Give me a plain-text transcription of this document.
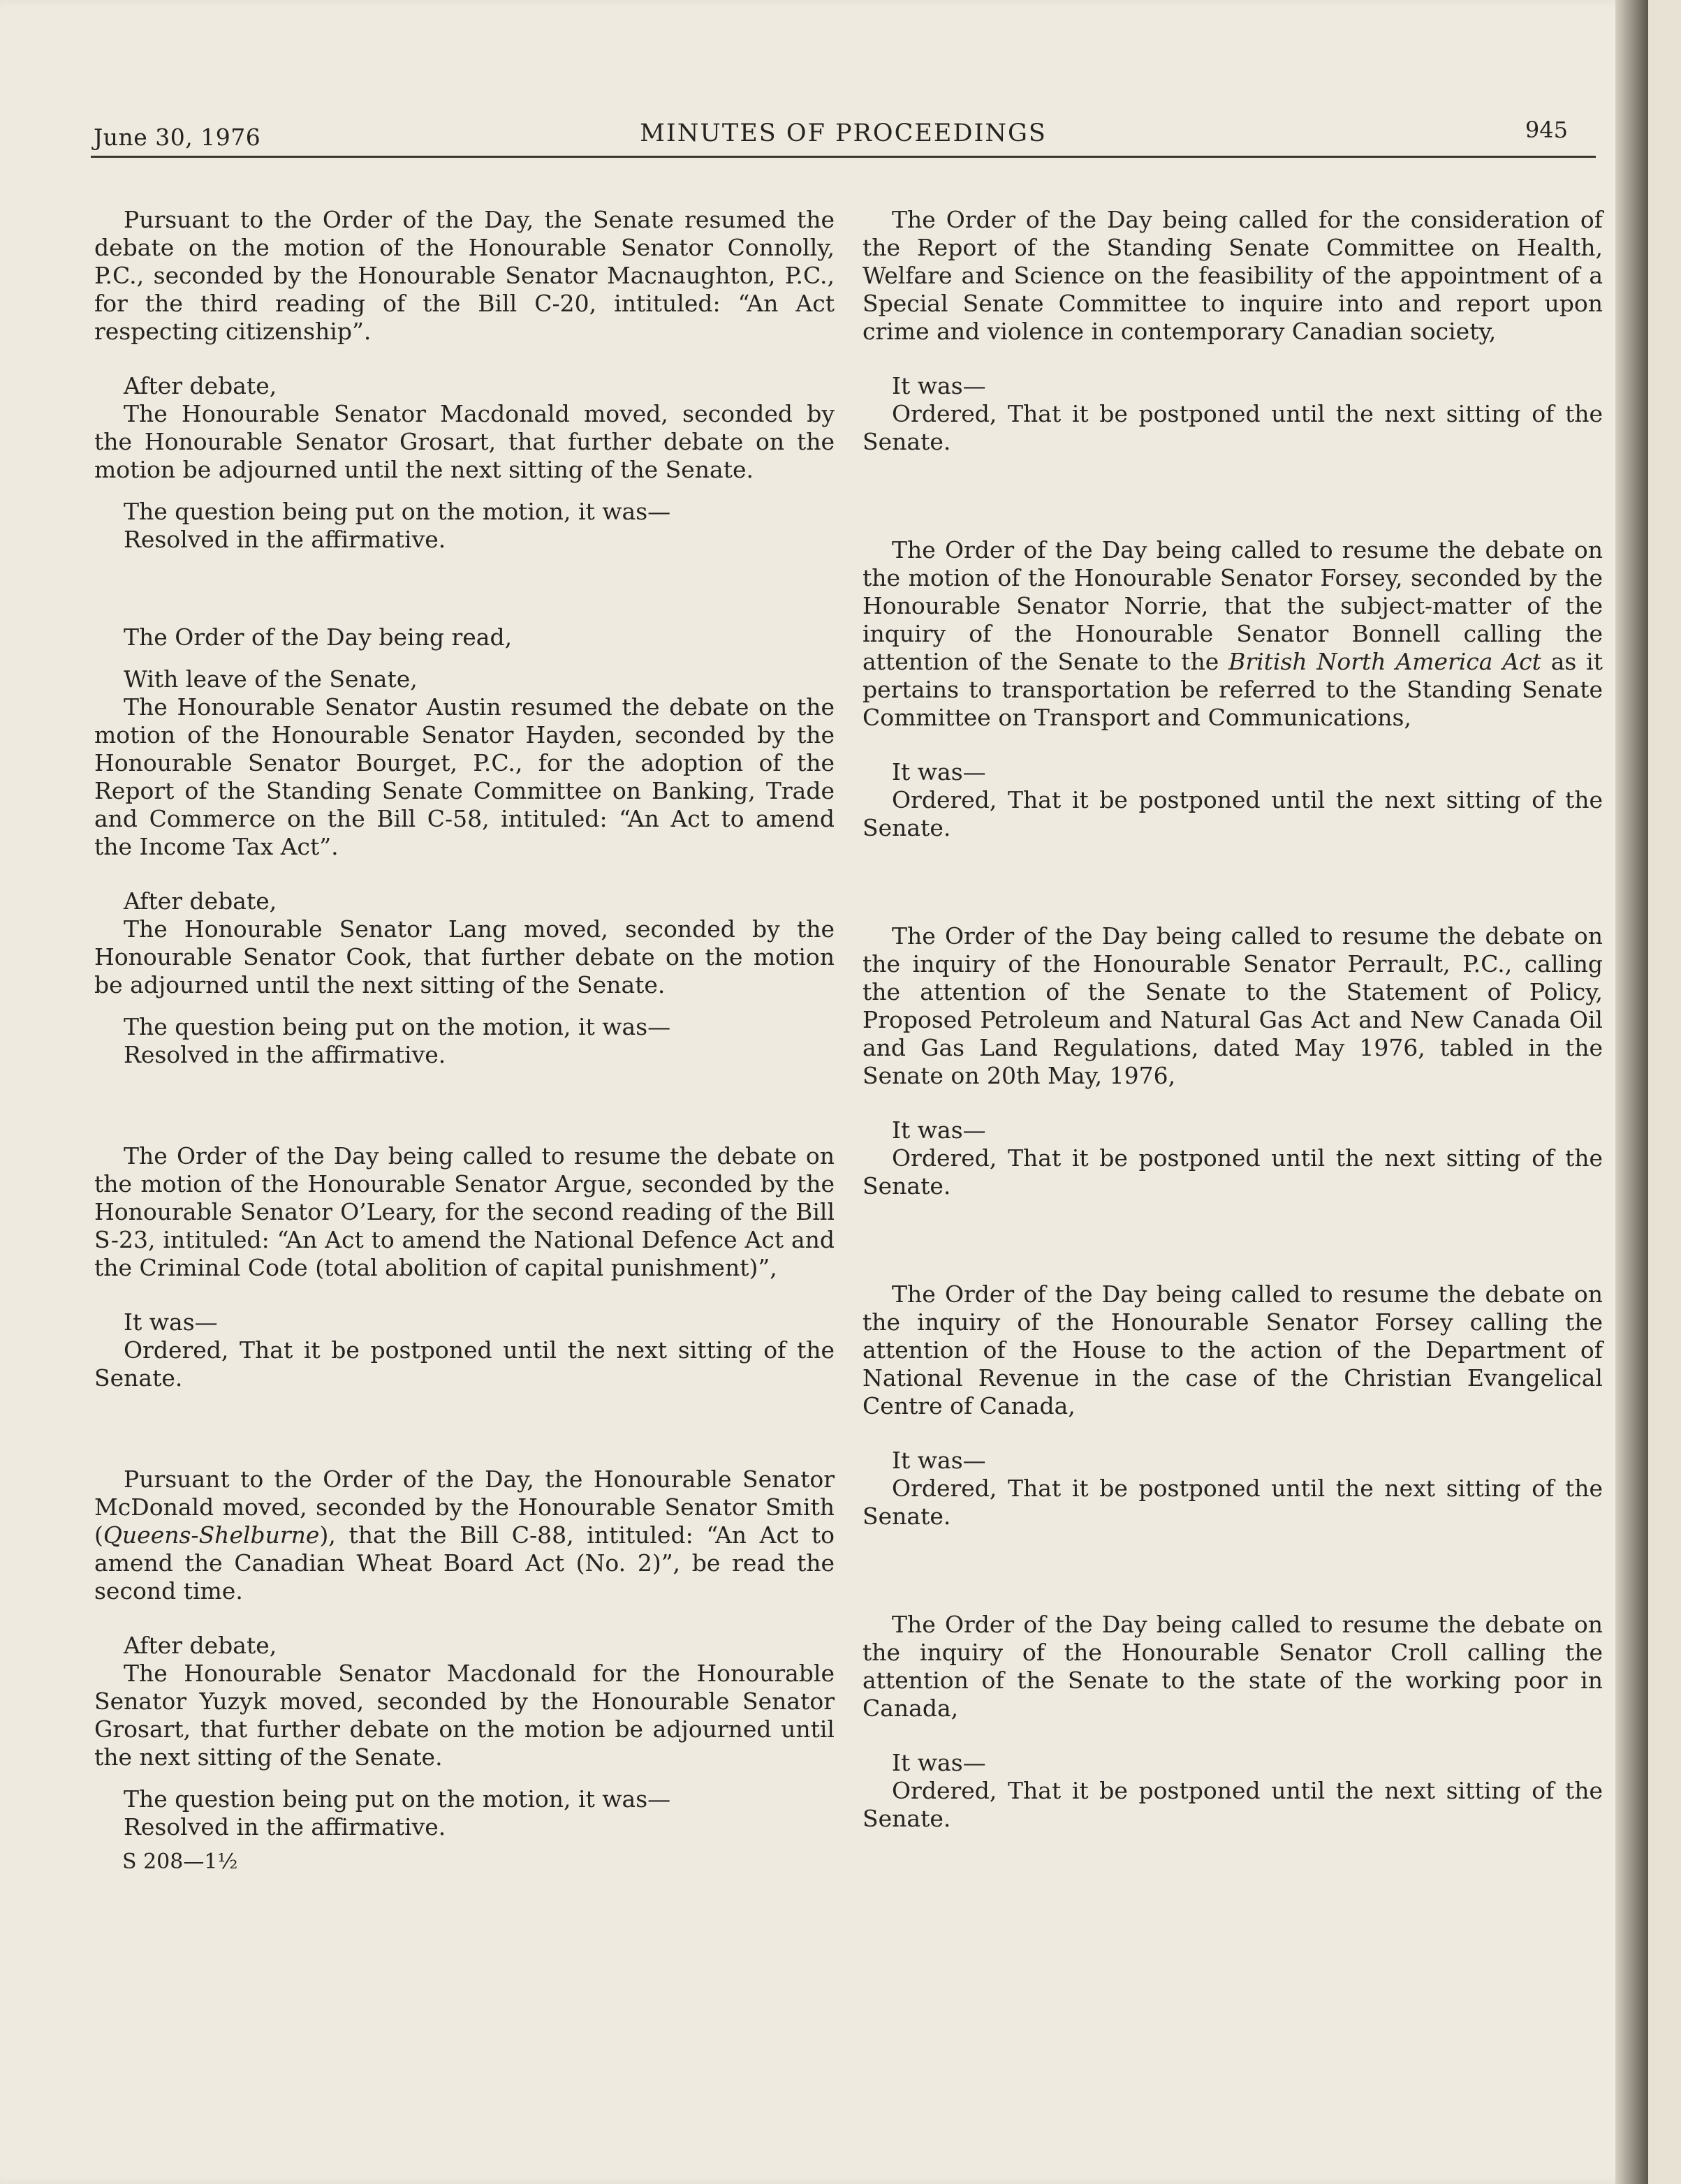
June 30, 1976	MINUTES OF PROCEEDINGS	945

Pursuant to the Order of the Day, the Senate resumed the debate on the motion of the Honourable Senator Connolly, P.C., seconded by the Honourable Senator Macnaughton, P.C., for the third reading of the Bill C-20, intituled: “An Act respecting citizenship”.

After debate,

The Honourable Senator Macdonald moved, seconded by the Honourable Senator Grosart, that further debate on the motion be adjourned until the next sitting of the Senate.

The question being put on the motion, it was—
Resolved in the affirmative.
The Order of the Day being read,
With leave of the Senate,

The Honourable Senator Austin resumed the debate on the motion of the Honourable Senator Hayden, seconded by the Honourable Senator Bourget, P.C., for the adoption of the Report of the Standing Senate Committee on Banking, Trade and Commerce on the Bill C-58, intituled: “An Act to amend the Income Tax Act”.

After debate,

The Honourable Senator Lang moved, seconded by the Honourable Senator Cook, that further debate on the motion be adjourned until the next sitting of the Senate.

The question being put on the motion, it was—
Resolved in the affirmative.

The Order of the Day being called to resume the debate on the motion of the Honourable Senator Argue, seconded by the Honourable Senator O’Leary, for the second reading of the Bill S-23, intituled: “An Act to amend the National Defence Act and the Criminal Code (total abolition of capital punishment)”,

It was—

Ordered, That it be postponed until the next sitting of the Senate.

Pursuant to the Order of the Day, the Honourable Senator McDonald moved, seconded by the Honourable Senator Smith (Queens-Shelburne), that the Bill C-88, intituled: “An Act to amend the Canadian Wheat Board Act (No. 2)”, be read the second time.

After debate,

The Honourable Senator Macdonald for the Honourable Senator Yuzyk moved, seconded by the Honourable Senator Grosart, that further debate on the motion be adjourned until the next sitting of the Senate.

The question being put on the motion, it was—
Resolved in the affirmative.
S 208—1½

The Order of the Day being called for the consideration of the Report of the Standing Senate Committee on Health, Welfare and Science on the feasibility of the appointment of a Special Senate Committee to inquire into and report upon crime and violence in contemporary Canadian society,

It was—

Ordered, That it be postponed until the next sitting of the Senate.

The Order of the Day being called to resume the debate on the motion of the Honourable Senator Forsey, seconded by the Honourable Senator Norrie, that the subject-matter of the inquiry of the Honourable Senator Bonnell calling the attention of the Senate to the British North America Act as it pertains to transportation be referred to the Standing Senate Committee on Transport and Communications,

It was—

Ordered, That it be postponed until the next sitting of the Senate.

The Order of the Day being called to resume the debate on the inquiry of the Honourable Senator Perrault, P.C., calling the attention of the Senate to the Statement of Policy, Proposed Petroleum and Natural Gas Act and New Canada Oil and Gas Land Regulations, dated May 1976, tabled in the Senate on 20th May, 1976,

It was—

Ordered, That it be postponed until the next sitting of the Senate.

The Order of the Day being called to resume the debate on the inquiry of the Honourable Senator Forsey calling the attention of the House to the action of the Department of National Revenue in the case of the Christian Evangelical Centre of Canada,

It was—

Ordered, That it be postponed until the next sitting of the Senate.

The Order of the Day being called to resume the debate on the inquiry of the Honourable Senator Croll calling the attention of the Senate to the state of the working poor in Canada,

It was—

Ordered, That it be postponed until the next sitting of the Senate.
